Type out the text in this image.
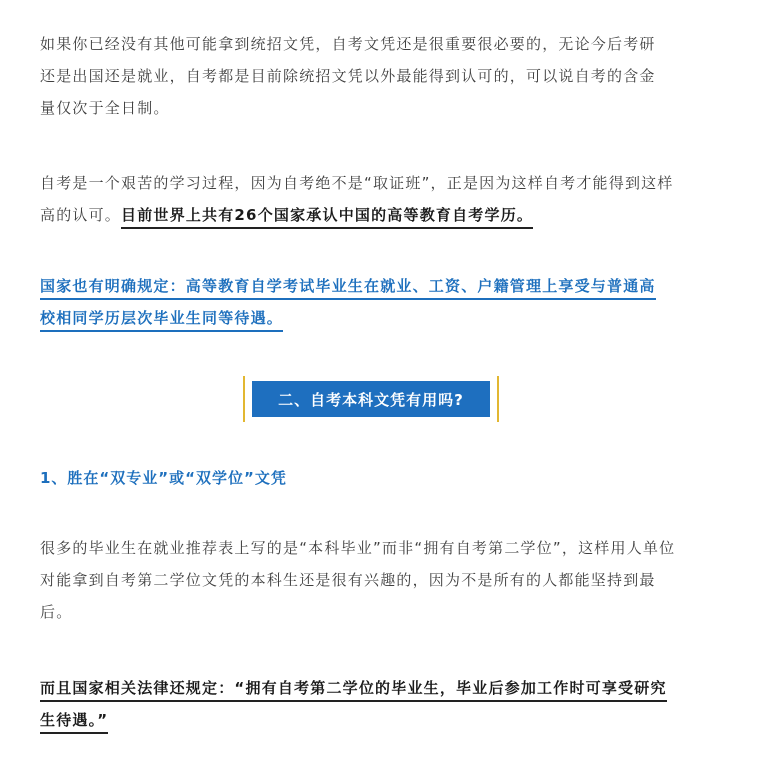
如果你已经没有其他可能拿到统招文凭，自考文凭还是很重要很必要的，无论今后考研
还是出国还是就业，自考都是目前除统招文凭以外最能得到认可的，可以说自考的含金
量仅次于全日制。

自考是一个艰苦的学习过程，因为自考绝不是“取证班”，正是因为这样自考才能得到这样
高的认可。目前世界上共有26个国家承认中国的高等教育自考学历。

国家也有明确规定：高等教育自学考试毕业生在就业、工资、户籍管理上享受与普通高
校相同学历层次毕业生同等待遇。

1、胜在“双专业”或“双学位”文凭

很多的毕业生在就业推荐表上写的是“本科毕业”而非“拥有自考第二学位”，这样用人单位
对能拿到自考第二学位文凭的本科生还是很有兴趣的，因为不是所有的人都能坚持到最
后。

而且国家相关法律还规定：“拥有自考第二学位的毕业生，毕业后参加工作时可享受研究
生待遇。”

二、自考本科文凭有用吗?
